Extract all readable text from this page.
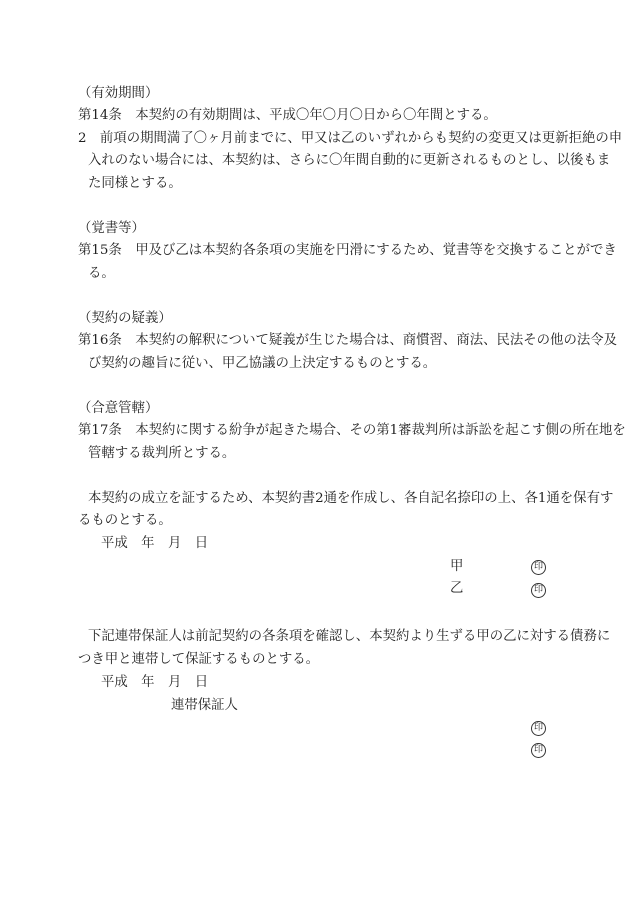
（有効期間）
第14条　本契約の有効期間は、平成〇年〇月〇日から〇年間とする。
2　前項の期間満了〇ヶ月前までに、甲又は乙のいずれからも契約の変更又は更新拒絶の申
入れのない場合には、本契約は、さらに〇年間自動的に更新されるものとし、以後もま
た同様とする。
（覚書等）
第15条　甲及び乙は本契約各条項の実施を円滑にするため、覚書等を交換することができ
る。
（契約の疑義）
第16条　本契約の解釈について疑義が生じた場合は、商慣習、商法、民法その他の法令及
び契約の趣旨に従い、甲乙協議の上決定するものとする。
（合意管轄）
第17条　本契約に関する紛争が起きた場合、その第1審裁判所は訴訟を起こす側の所在地を
管轄する裁判所とする。
本契約の成立を証するため、本契約書2通を作成し、各自記名捺印の上、各1通を保有す
るものとする。
平成　年　月　日
甲	印
乙	印
下記連帯保証人は前記契約の各条項を確認し、本契約より生ずる甲の乙に対する債務に
つき甲と連帯して保証するものとする。
平成　年　月　日
連帯保証人
印
印
